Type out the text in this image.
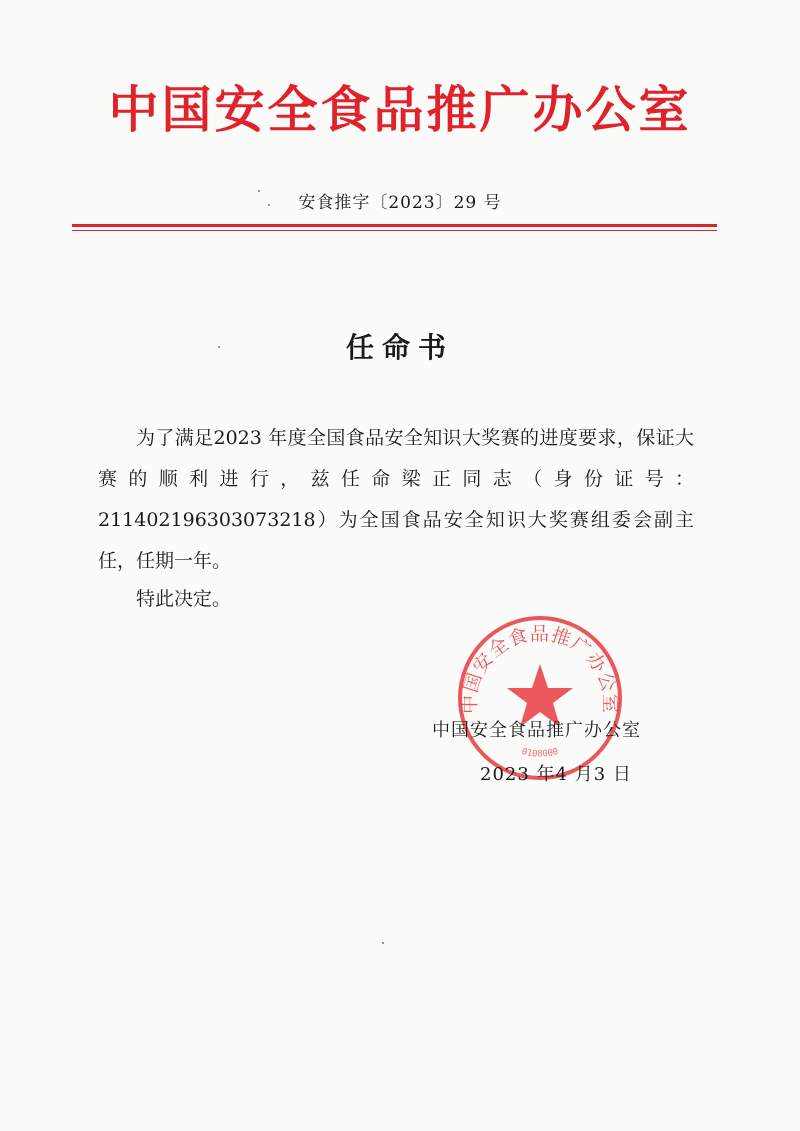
中国安全食品推广办公室
安食推字〔2023〕29 号
任命书

为了满足2023 年度全国食品安全知识大奖赛的进度要求，保证大赛的顺利进行，兹任命梁正同志（身份证号：211402196303073218）为全国食品安全知识大奖赛组委会副主任，任期一年。

特此决定。
中国安全食品推广办公室
0108000
中国安全食品推广办公室
2023 年4 月3 日
